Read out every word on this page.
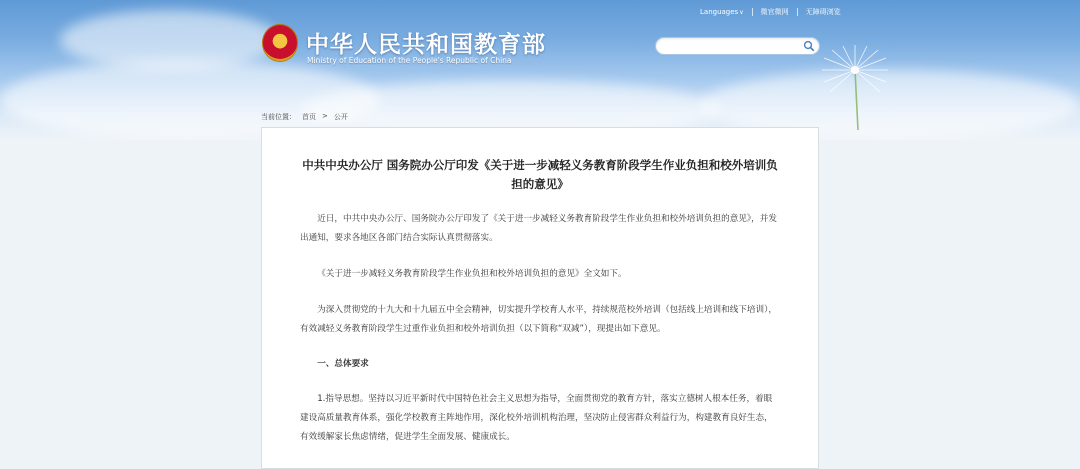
中华人民共和国教育部
Ministry of Education of the People's Republic of China
Languages∨ 微官微网 无障碍浏览
当前位置： 首页 > 公开
中共中央办公厅 国务院办公厅印发《关于进一步减轻义务教育阶段学生作业负担和校外培训负担的意见》
近日，中共中央办公厅、国务院办公厅印发了《关于进一步减轻义务教育阶段学生作业负担和校外培训负担的意见》，并发出通知，要求各地区各部门结合实际认真贯彻落实。
《关于进一步减轻义务教育阶段学生作业负担和校外培训负担的意见》全文如下。
为深入贯彻党的十九大和十九届五中全会精神，切实提升学校育人水平，持续规范校外培训（包括线上培训和线下培训），有效减轻义务教育阶段学生过重作业负担和校外培训负担（以下简称“双减”），现提出如下意见。
一、总体要求
1.指导思想。坚持以习近平新时代中国特色社会主义思想为指导，全面贯彻党的教育方针，落实立德树人根本任务，着眼建设高质量教育体系，强化学校教育主阵地作用，深化校外培训机构治理，坚决防止侵害群众利益行为，构建教育良好生态，有效缓解家长焦虑情绪，促进学生全面发展、健康成长。
